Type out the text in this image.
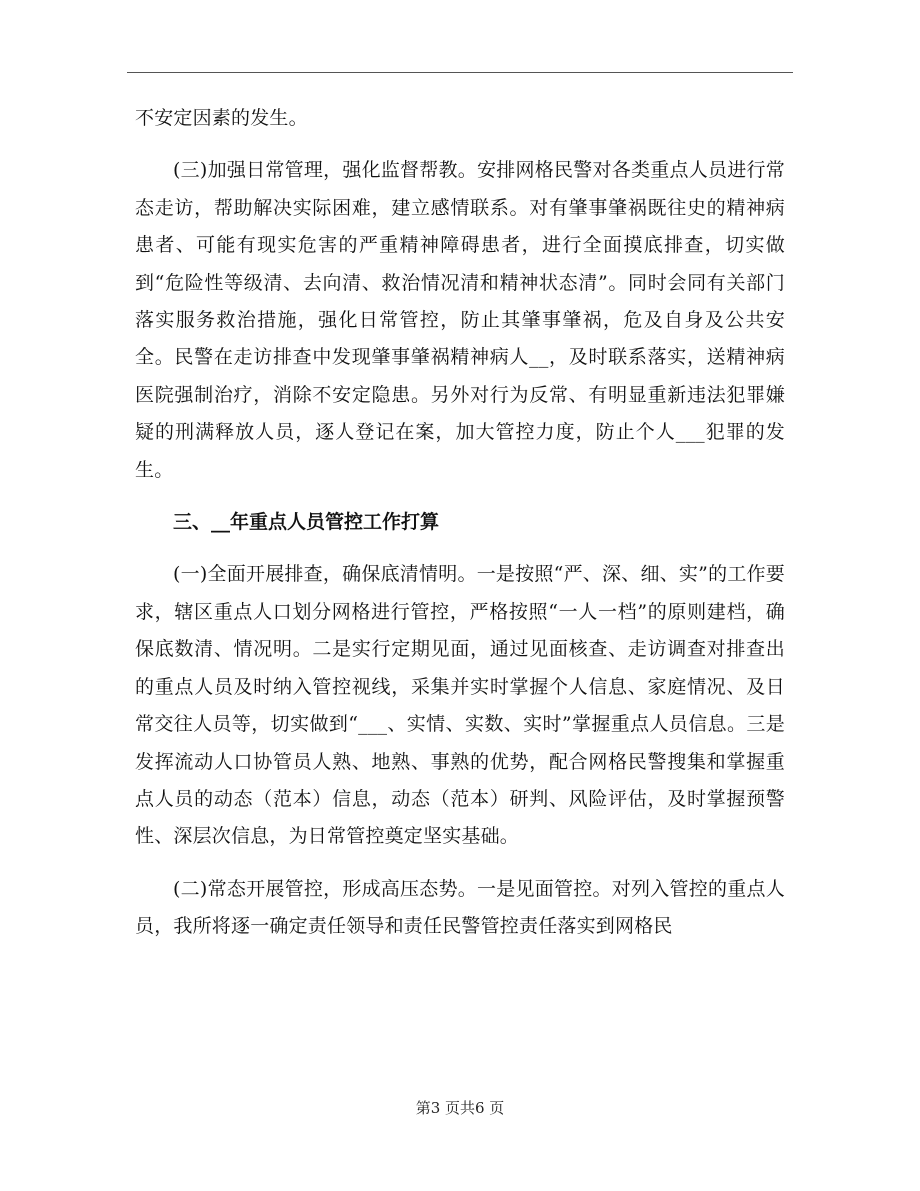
不安定因素的发生。

(三)加强日常管理，强化监督帮教。安排网格民警对各类重点人员进行常态走访，帮助解决实际困难，建立感情联系。对有肇事肇祸既往史的精神病患者、可能有现实危害的严重精神障碍患者，进行全面摸底排查，切实做到“危险性等级清、去向清、救治情况清和精神状态清”。同时会同有关部门落实服务救治措施，强化日常管控，防止其肇事肇祸，危及自身及公共安全。民警在走访排查中发现肇事肇祸精神病人__，及时联系落实，送精神病医院强制治疗，消除不安定隐患。另外对行为反常、有明显重新违法犯罪嫌疑的刑满释放人员，逐人登记在案，加大管控力度，防止个人___犯罪的发生。

三、__年重点人员管控工作打算

(一)全面开展排查，确保底清情明。一是按照“严、深、细、实”的工作要求，辖区重点人口划分网格进行管控，严格按照“一人一档”的原则建档，确保底数清、情况明。二是实行定期见面，通过见面核查、走访调查对排查出的重点人员及时纳入管控视线，采集并实时掌握个人信息、家庭情况、及日常交往人员等，切实做到“___、实情、实数、实时”掌握重点人员信息。三是发挥流动人口协管员人熟、地熟、事熟的优势，配合网格民警搜集和掌握重点人员的动态（范本）信息，动态（范本）研判、风险评估，及时掌握预警性、深层次信息，为日常管控奠定坚实基础。

(二)常态开展管控，形成高压态势。一是见面管控。对列入管控的重点人员，我所将逐一确定责任领导和责任民警管控责任落实到网格民

第3 页共6 页
